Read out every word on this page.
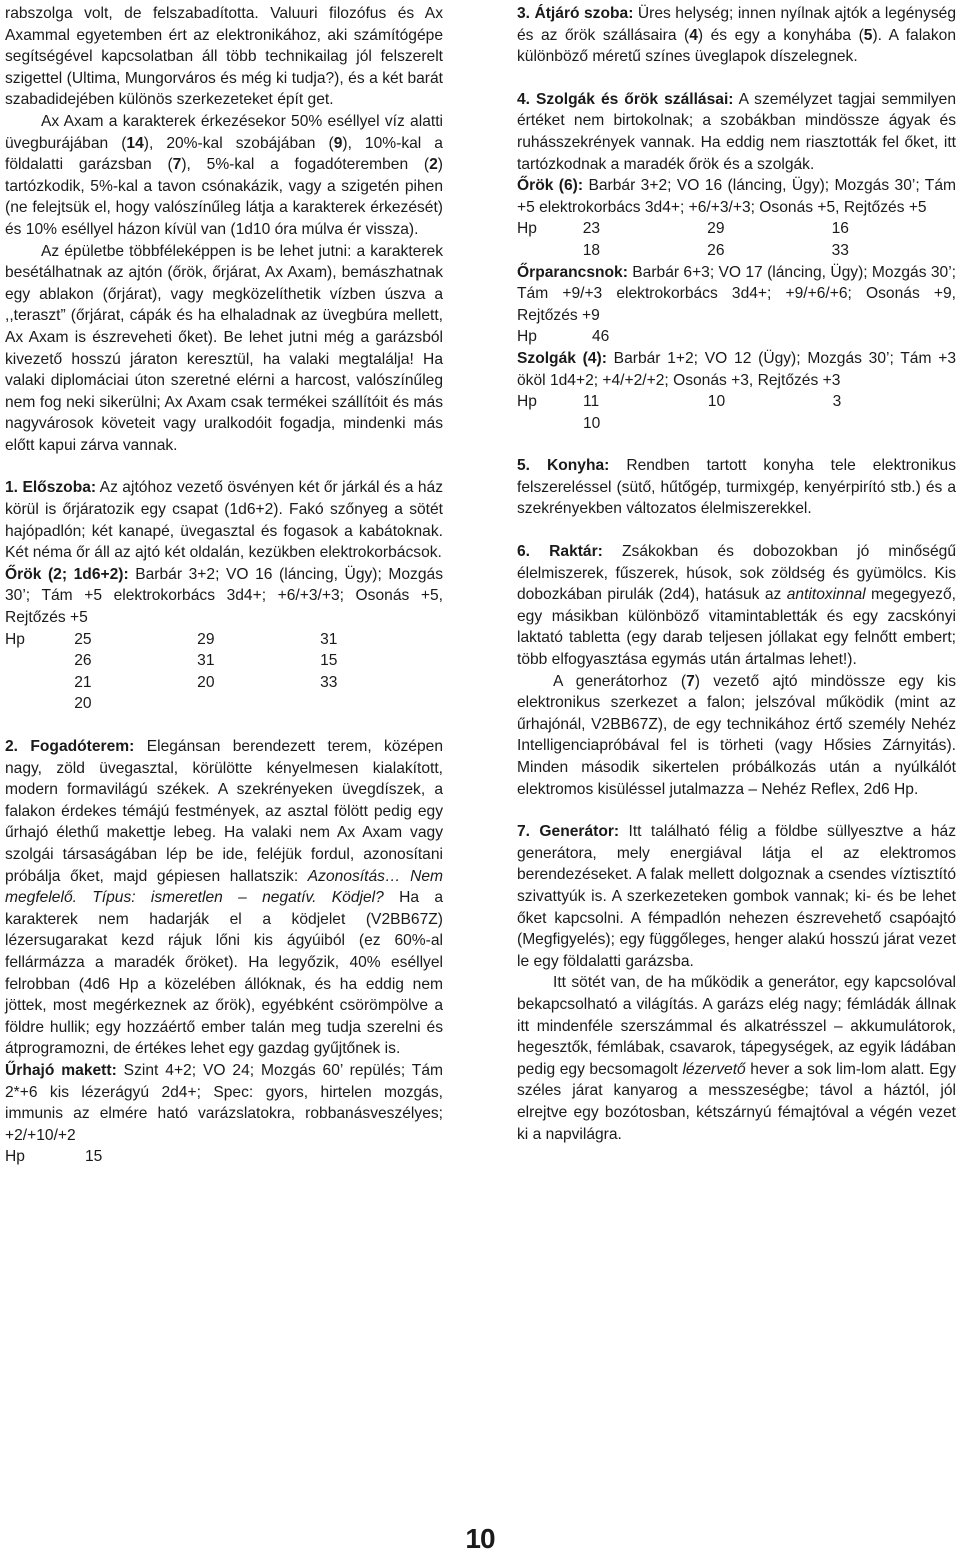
rabszolga volt, de felszabadította. Valuuri filozófus és Ax Axammal egyetemben ért az elektronikához, aki számítógépe segítségével kapcsolatban áll több technikailag jól felszerelt szigettel (Ultima, Mungorváros és még ki tudja?), és a két barát szabadidejében különös szerkezeteket épít get.

Ax Axam a karakterek érkezésekor 50% eséllyel víz alatti üvegburájában (14), 20%-kal szobájában (9), 10%-kal a földalatti garázsban (7), 5%-kal a fogadóteremben (2) tartózkodik, 5%-kal a tavon csónakázik, vagy a szigetén pihen (ne felejtsük el, hogy valószínűleg látja a karakterek érkezését) és 10% eséllyel házon kívül van (1d10 óra múlva ér vissza).

Az épületbe többféleképpen is be lehet jutni: a karakterek besétálhatnak az ajtón (őrök, őrjárat, Ax Axam), bemászhatnak egy ablakon (őrjárat), vagy megközelíthetik vízben úszva a ,,teraszt” (őrjárat, cápák és ha elhaladnak az üvegbúra mellett, Ax Axam is észreveheti őket). Be lehet jutni még a garázsból kivezető hosszú járaton keresztül, ha valaki megtalálja! Ha valaki diplomáciai úton szeretné elérni a harcost, valószínűleg nem fog neki sikerülni; Ax Axam csak termékei szállítóit és más nagyvárosok követeit vagy uralkodóit fogadja, mindenki más előtt kapui zárva vannak.

1. Előszoba: Az ajtóhoz vezető ösvényen két őr járkál és a ház körül is őrjáratozik egy csapat (1d6+2). Fakó szőnyeg a sötét hajópadlón; két kanapé, üvegasztal és fogasok a kabátoknak. Két néma őr áll az ajtó két oldalán, kezükben elektrokorbácsok.

Őrök (2; 1d6+2): Barbár 3+2; VO 16 (láncing, Ügy); Mozgás 30’; Tám +5 elektrokorbács 3d4+; +6/+3/+3; Osonás +5, Rejtőzés +5

Hp	25	29	31
	26	31	15
	21	20	33
	20		

2. Fogadóterem: Elegánsan berendezett terem, középen nagy, zöld üvegasztal, körülötte kényelmesen kialakított, modern formavilágú székek. A szekrényeken üvegdíszek, a falakon érdekes témájú festmények, az asztal fölött pedig egy űrhajó élethű makettje lebeg. Ha valaki nem Ax Axam vagy szolgái társaságában lép be ide, feléjük fordul, azonosítani próbálja őket, majd gépiesen hallatszik: Azonosítás… Nem megfelelő. Típus: ismeretlen – negatív. Ködjel? Ha a karakterek nem hadarják el a ködjelet (V2BB67Z) lézersugarakat kezd rájuk lőni kis ágyúiból (ez 60%-al fellármázza a maradék őröket). Ha legyőzik, 40% eséllyel felrobban (4d6 Hp a közelében állóknak, és ha eddig nem jöttek, most megérkeznek az őrök), egyébként csörömpölve a földre hullik; egy hozzáértő ember talán meg tudja szerelni és átprogramozni, de értékes lehet egy gazdag gyűjtőnek is.

Űrhajó makett: Szint 4+2; VO 24; Mozgás 60’ repülés; Tám 2*+6 kis lézerágyú 2d4+; Spec: gyors, hirtelen mozgás, immunis az elmére ható varázslatokra, robbanásveszélyes; +2/+10/+2

Hp	15

3. Átjáró szoba: Üres helység; innen nyílnak ajtók a legénység és az őrök szállásaira (4) és egy a konyhába (5). A falakon különböző méretű színes üveglapok díszelegnek.

4. Szolgák és őrök szállásai: A személyzet tagjai semmilyen értéket nem birtokolnak; a szobákban mindössze ágyak és ruhásszekrények vannak. Ha eddig nem riasztották fel őket, itt tartózkodnak a maradék őrök és a szolgák.

Őrök (6): Barbár 3+2; VO 16 (láncing, Ügy); Mozgás 30’; Tám +5 elektrokorbács 3d4+; +6/+3/+3; Osonás +5, Rejtőzés +5

Hp	23	29	16
	18	26	33

Őrparancsnok: Barbár 6+3; VO 17 (láncing, Ügy); Mozgás 30’; Tám +9/+3 elektrokorbács 3d4+; +9/+6/+6; Osonás +9, Rejtőzés +9

Hp	46

Szolgák (4): Barbár 1+2; VO 12 (Ügy); Mozgás 30’; Tám +3 ököl 1d4+2; +4/+2/+2; Osonás +3, Rejtőzés +3

Hp	11	10	3
	10		

5. Konyha: Rendben tartott konyha tele elektronikus felszereléssel (sütő, hűtőgép, turmixgép, kenyérpirító stb.) és a szekrényekben változatos élelmiszerekkel.

6. Raktár: Zsákokban és dobozokban jó minőségű élelmiszerek, fűszerek, húsok, sok zöldség és gyümölcs. Kis dobozkában pirulák (2d4), hatásuk az antitoxinnal megegyező, egy másikban különböző vitamintabletták és egy zacskónyi laktató tabletta (egy darab teljesen jóllakat egy felnőtt embert; több elfogyasztása egymás után ártalmas lehet!).

A generátorhoz (7) vezető ajtó mindössze egy kis elektronikus szerkezet a falon; jelszóval működik (mint az űrhajónál, V2BB67Z), de egy technikához értő személy Nehéz Intelligenciapróbával fel is törheti (vagy Hősies Zárnyitás). Minden második sikertelen próbálkozás után a nyúlkálót elektromos kisüléssel jutalmazza – Nehéz Reflex, 2d6 Hp.

7. Generátor: Itt található félig a földbe süllyesztve a ház generátora, mely energiával látja el az elektromos berendezéseket. A falak mellett dolgoznak a csendes víztisztító szivattyúk is. A szerkezeteken gombok vannak; ki- és be lehet őket kapcsolni. A fémpadlón nehezen észrevehető csapóajtó (Megfigyelés); egy függőleges, henger alakú hosszú járat vezet le egy földalatti garázsba.

Itt sötét van, de ha működik a generátor, egy kapcsolóval bekapcsolható a világítás. A garázs elég nagy; fémládák állnak itt mindenféle szerszámmal és alkatrésszel – akkumulátorok, hegesztők, fémlábak, csavarok, tápegységek, az egyik ládában pedig egy becsomagolt lézervető hever a sok lim-lom alatt. Egy széles járat kanyarog a messzeségbe; távol a háztól, jól elrejtve egy bozótosban, kétszárnyú fémajtóval a végén vezet ki a napvilágra.

10
